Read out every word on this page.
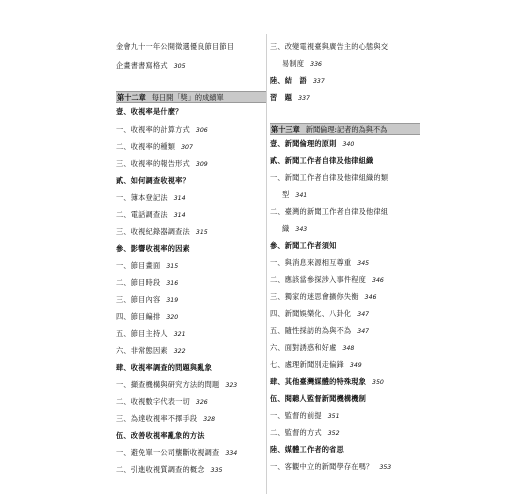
金會九十一年公開徵選優良節目節目
企畫書書寫格式 305
第十二章 每日開「獎」的成績單
壹、收視率是什麼？
一、收視率的計算方式 306
二、收視率的種類 307
三、收視率的報告形式 309
貳、如何調查收視率？
一、簿本登記法 314
二、電話調查法 314
三、收視紀錄器調查法 315
參、影響收視率的因素
一、節目畫面 315
二、節目時段 316
三、節目內容 319
四、節目編排 320
五、節目主持人 321
六、非常態因素 322
肆、收視率調查的問題與亂象
一、擷查機構與研究方法的問題 323
二、收視數字代表一切 326
三、為達收視率不擇手段 328
伍、改善收視率亂象的方法
一、避免單一公司壟斷收視調查 334
二、引進收視質調查的概念 335
三、改變電視臺與廣告主的心態與交
易制度 336
陸、結　語 337
習　題 337
第十三章 新聞倫理:記者的為與不為
壹、新聞倫理的原則 340
貳、新聞工作者自律及他律組織
一、新聞工作者自律及他律組織的類
型 341
二、臺灣的新聞工作者自律及他律組
織 343
參、新聞工作者須知
一、與消息來源相互尊重 345
二、應該當參探涉入事件程度 346
三、獨家的迷思會擴你失衡 346
四、新聞娛樂化、八卦化 347
五、隨性採訪的為與不為 347
六、面對誘惑和好處 348
七、處理新聞別走偏鋒 349
肆、其他臺灣媒體的特殊現象 350
伍、閱聽人監督新聞機構機制
一、監督的前提 351
二、監督的方式 352
陸、媒體工作者的省思
一、客觀中立的新聞學存在嗎？ 353
